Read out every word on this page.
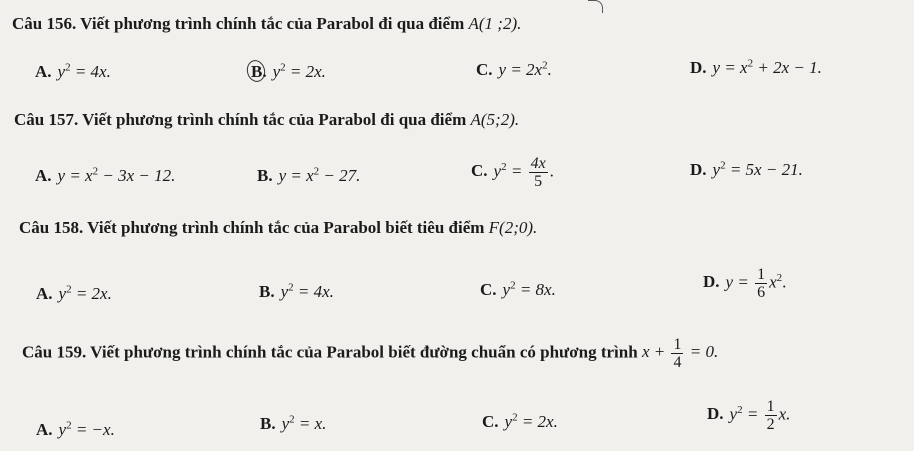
Câu 156. Viết phương trình chính tắc của Parabol đi qua điểm A(1 ;2).
A. $y^2 = 4x$.	B. $y^2 = 2x$.	C. $y = 2x^2$.	D. $y = x^2 + 2x - 1$.
Câu 157. Viết phương trình chính tắc của Parabol đi qua điểm A(5;2).
A. $y = x^2 - 3x - 12$.	B. $y = x^2 - 27$.	C. $y^2 = \frac{4x}{5}$ .	D. $y^2 = 5x - 21$.
Câu 158. Viết phương trình chính tắc của Parabol biết tiêu điểm F(2;0).
A. $y^2 = 2x$.	B. $y^2 = 4x$.	C. $y^2 = 8x$.	D. $y = \frac{1}{6} x^2$.
Câu 159. Viết phương trình chính tắc của Parabol biết đường chuẩn có phương trình $x + \frac{1}{4} = 0$.
A. $y^2 = -x$.	B. $y^2 = x$.	C. $y^2 = 2x$.	D. $y^2 = \frac{1}{2} x$.
